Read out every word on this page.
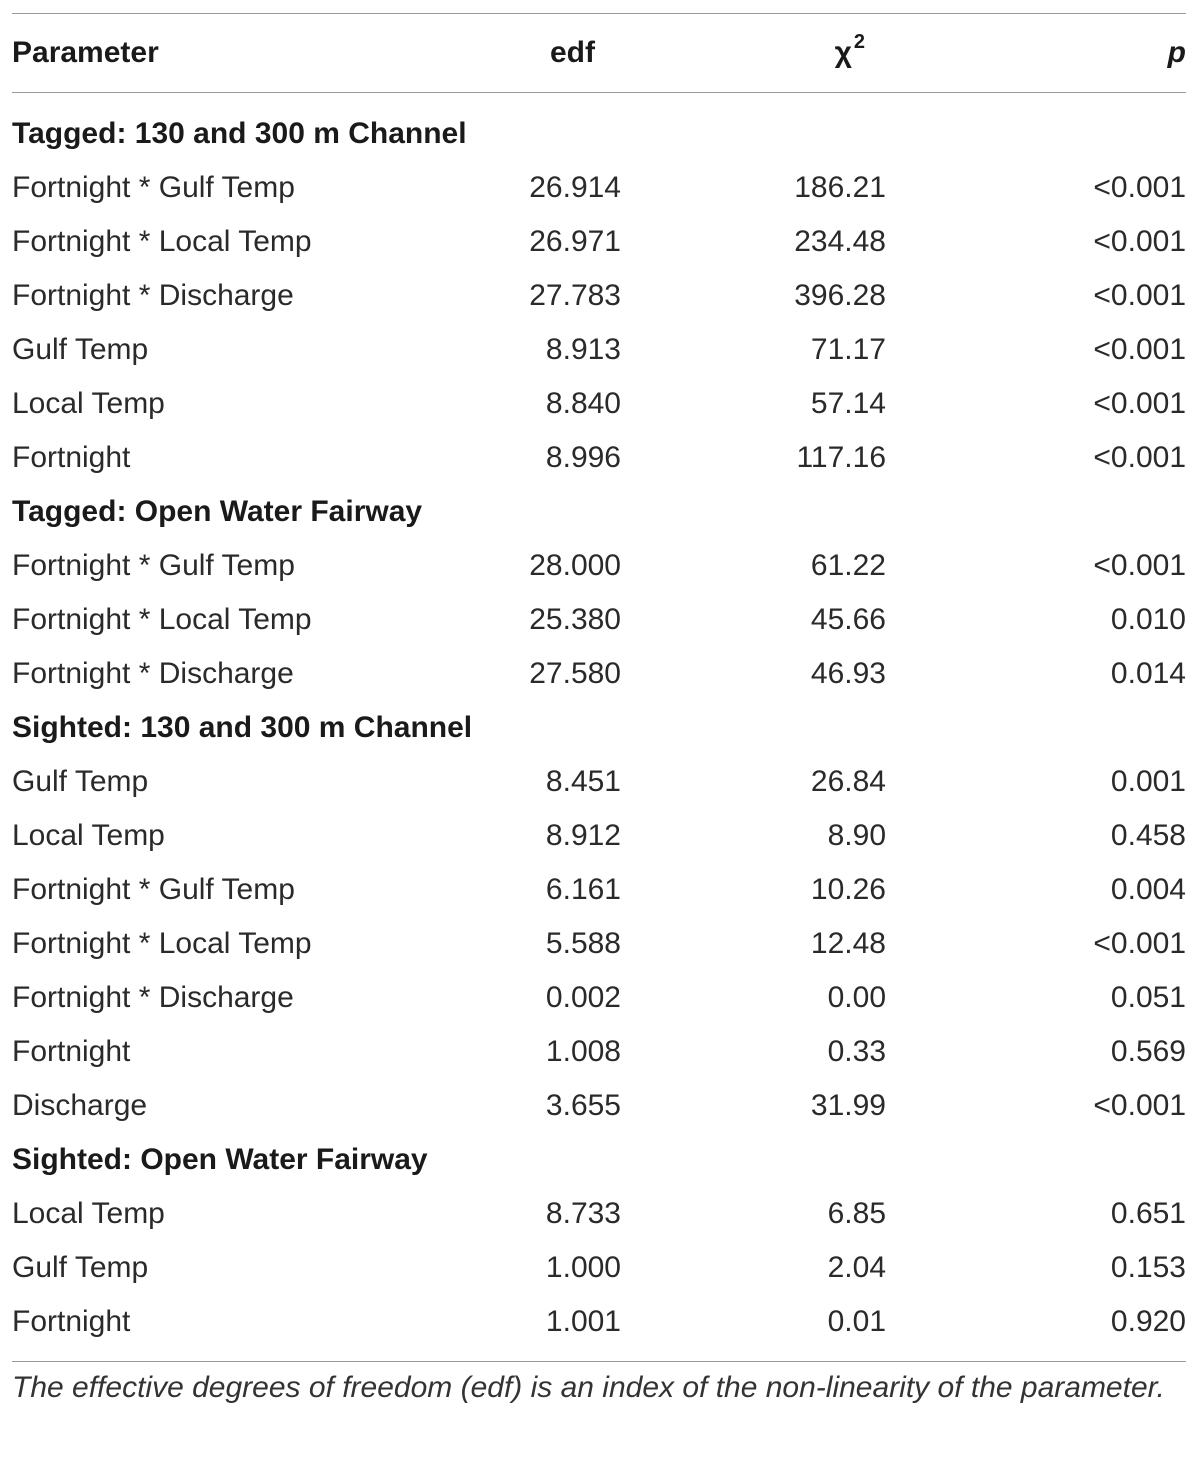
Parameter	edf	χ $^2$	p
Tagged: 130 and 300 m Channel
Fortnight * Gulf Temp	26.914	186.21	<0.001
Fortnight * Local Temp	26.971	234.48	<0.001
Fortnight * Discharge	27.783	396.28	<0.001
Gulf Temp	8.913	71.17	<0.001
Local Temp	8.840	57.14	<0.001
Fortnight	8.996	117.16	<0.001
Tagged: Open Water Fairway
Fortnight * Gulf Temp	28.000	61.22	<0.001
Fortnight * Local Temp	25.380	45.66	0.010
Fortnight * Discharge	27.580	46.93	0.014
Sighted: 130 and 300 m Channel
Gulf Temp	8.451	26.84	0.001
Local Temp	8.912	8.90	0.458
Fortnight * Gulf Temp	6.161	10.26	0.004
Fortnight * Local Temp	5.588	12.48	<0.001
Fortnight * Discharge	0.002	0.00	0.051
Fortnight	1.008	0.33	0.569
Discharge	3.655	31.99	<0.001
Sighted: Open Water Fairway
Local Temp	8.733	6.85	0.651
Gulf Temp	1.000	2.04	0.153
Fortnight	1.001	0.01	0.920
The effective degrees of freedom (edf) is an index of the non-linearity of the parameter.
